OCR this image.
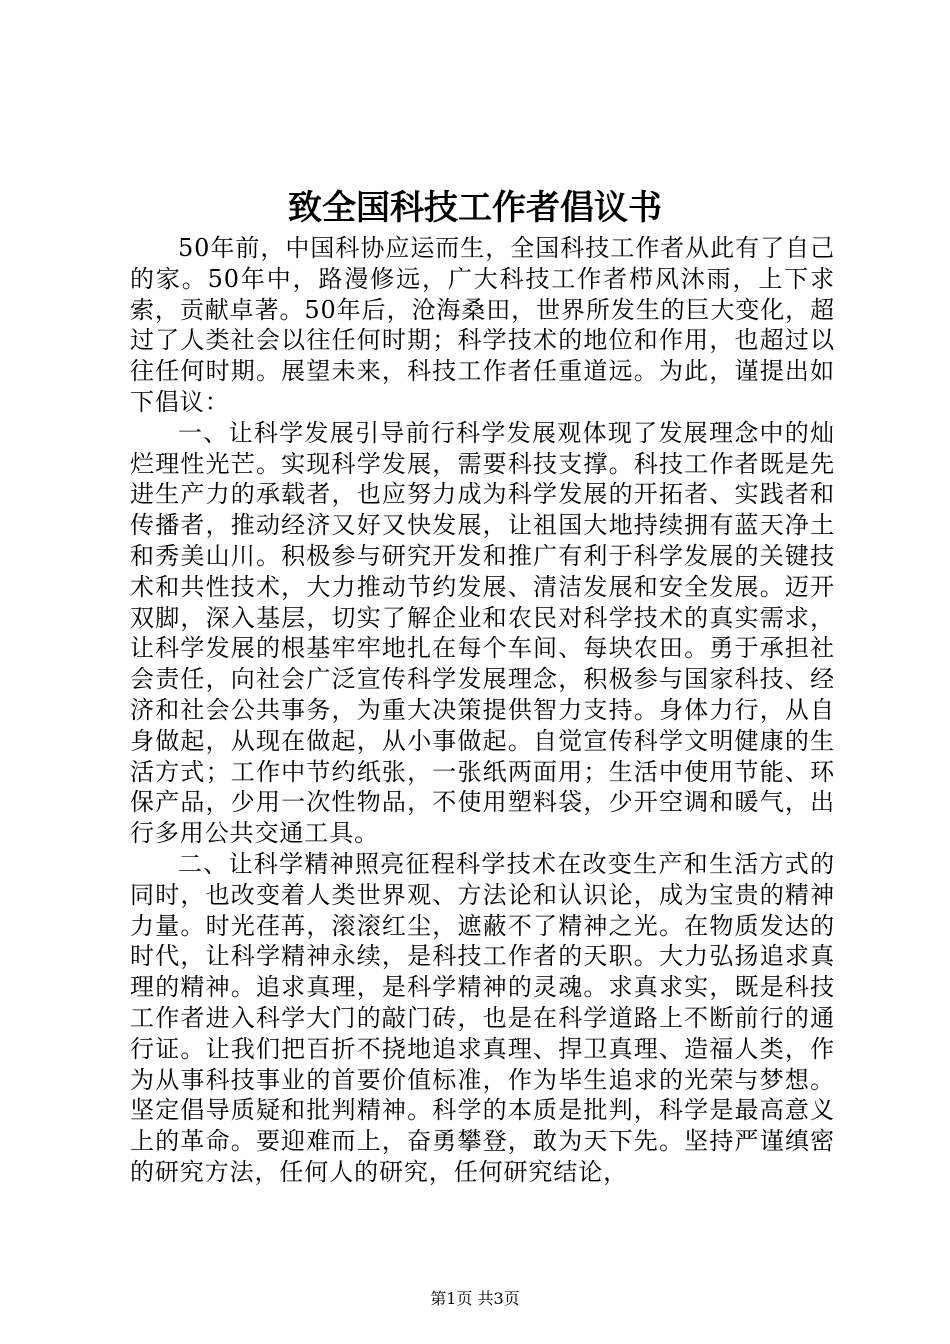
致全国科技工作者倡议书

50年前，中国科协应运而生，全国科技工作者从此有了自己的家。50年中，路漫修远，广大科技工作者栉风沐雨，上下求索，贡献卓著。50年后，沧海桑田，世界所发生的巨大变化，超过了人类社会以往任何时期；科学技术的地位和作用，也超过以往任何时期。展望未来，科技工作者任重道远。为此，谨提出如下倡议：

一、让科学发展引导前行科学发展观体现了发展理念中的灿烂理性光芒。实现科学发展，需要科技支撑。科技工作者既是先进生产力的承载者，也应努力成为科学发展的开拓者、实践者和传播者，推动经济又好又快发展，让祖国大地持续拥有蓝天净土和秀美山川。积极参与研究开发和推广有利于科学发展的关键技术和共性技术，大力推动节约发展、清洁发展和安全发展。迈开双脚，深入基层，切实了解企业和农民对科学技术的真实需求，让科学发展的根基牢牢地扎在每个车间、每块农田。勇于承担社会责任，向社会广泛宣传科学发展理念，积极参与国家科技、经济和社会公共事务，为重大决策提供智力支持。身体力行，从自身做起，从现在做起，从小事做起。自觉宣传科学文明健康的生活方式；工作中节约纸张，一张纸两面用；生活中使用节能、环保产品，少用一次性物品，不使用塑料袋，少开空调和暖气，出行多用公共交通工具。

二、让科学精神照亮征程科学技术在改变生产和生活方式的同时，也改变着人类世界观、方法论和认识论，成为宝贵的精神力量。时光荏苒，滚滚红尘，遮蔽不了精神之光。在物质发达的时代，让科学精神永续，是科技工作者的天职。大力弘扬追求真理的精神。追求真理，是科学精神的灵魂。求真求实，既是科技工作者进入科学大门的敲门砖，也是在科学道路上不断前行的通行证。让我们把百折不挠地追求真理、捍卫真理、造福人类，作为从事科技事业的首要价值标准，作为毕生追求的光荣与梦想。坚定倡导质疑和批判精神。科学的本质是批判，科学是最高意义上的革命。要迎难而上，奋勇攀登，敢为天下先。坚持严谨缜密的研究方法，任何人的研究，任何研究结论，

第1页 共3页
